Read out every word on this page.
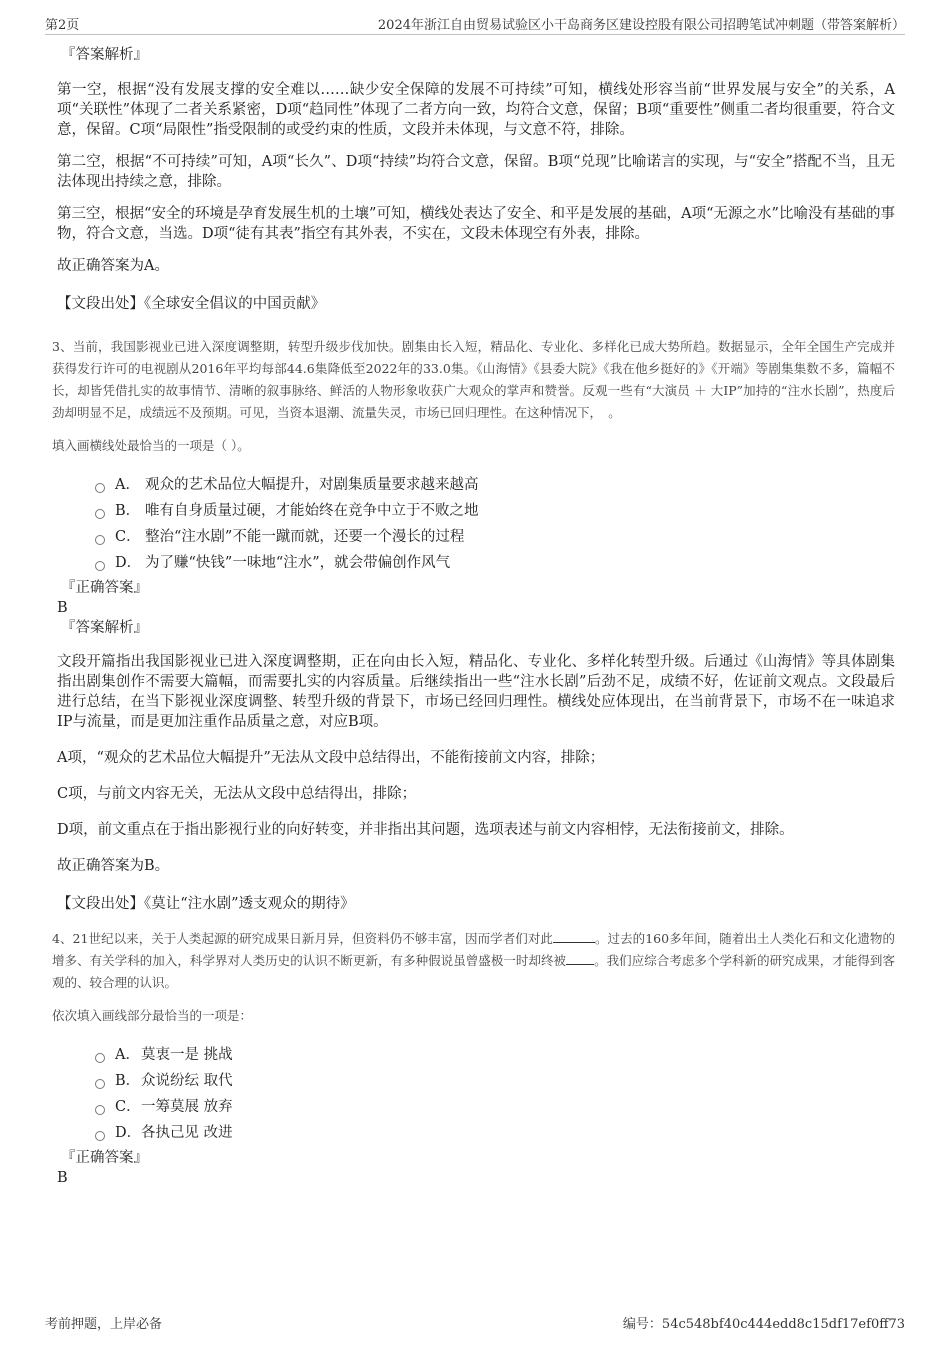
第2页	2024年浙江自由贸易试验区小干岛商务区建设控股有限公司招聘笔试冲刺题（带答案解析）
『答案解析』

第一空，根据“没有发展支撑的安全难以……缺少安全保障的发展不可持续”可知，横线处形容当前“世界发展与安全”的关系，A项“关联性”体现了二者关系紧密，D项“趋同性”体现了二者方向一致，均符合文意，保留；B项“重要性”侧重二者均很重要，符合文意，保留。C项“局限性”指受限制的或受约束的性质，文段并未体现，与文意不符，排除。

第二空，根据“不可持续”可知，A项“长久”、D项“持续”均符合文意，保留。B项“兑现”比喻诺言的实现，与“安全”搭配不当，且无法体现出持续之意，排除。

第三空，根据“安全的环境是孕育发展生机的土壤”可知，横线处表达了安全、和平是发展的基础，A项“无源之水”比喻没有基础的事物，符合文意，当选。D项“徒有其表”指空有其外表，不实在，文段未体现空有外表，排除。

故正确答案为A。

【文段出处】《全球安全倡议的中国贡献》

3、当前，我国影视业已进入深度调整期，转型升级步伐加快。剧集由长入短，精品化、专业化、多样化已成大势所趋。数据显示，全年全国生产完成并获得发行许可的电视剧从2016年平均每部44.6集降低至2022年的33.0集。《山海情》《县委大院》《我在他乡挺好的》《开端》等剧集集数不多，篇幅不长，却皆凭借扎实的故事情节、清晰的叙事脉络、鲜活的人物形象收获广大观众的掌声和赞誉。反观一些有“大演员 ＋ 大IP”加持的“注水长剧”，热度后劲却明显不足，成绩远不及预期。可见，当资本退潮、流量失灵，市场已回归理性。在这种情况下，　。

填入画横线处最恰当的一项是（ ）。

A． 观众的艺术品位大幅提升，对剧集质量要求越来越高
B． 唯有自身质量过硬，才能始终在竞争中立于不败之地
C． 整治“注水剧”不能一蹴而就，还要一个漫长的过程
D． 为了赚“快钱”一味地“注水”，就会带偏创作风气
『正确答案』
B
『答案解析』

文段开篇指出我国影视业已进入深度调整期，正在向由长入短，精品化、专业化、多样化转型升级。后通过《山海情》等具体剧集指出剧集创作不需要大篇幅，而需要扎实的内容质量。后继续指出一些“注水长剧”后劲不足，成绩不好，佐证前文观点。文段最后进行总结，在当下影视业深度调整、转型升级的背景下，市场已经回归理性。横线处应体现出，在当前背景下，市场不在一味追求IP与流量，而是更加注重作品质量之意，对应B项。

A项，“观众的艺术品位大幅提升”无法从文段中总结得出，不能衔接前文内容，排除；

C项，与前文内容无关，无法从文段中总结得出，排除；

D项，前文重点在于指出影视行业的向好转变，并非指出其问题，选项表述与前文内容相悖，无法衔接前文，排除。

故正确答案为B。

【文段出处】《莫让“注水剧”透支观众的期待》

4、21世纪以来，关于人类起源的研究成果日新月异，但资料仍不够丰富，因而学者们对此	。过去的160多年间，随着出土人类化石和文化遗物的增多、有关学科的加入，科学界对人类历史的认识不断更新，有多种假说虽曾盛极一时却终被 。我们应综合考虑多个学科新的研究成果，才能得到客观的、较合理的认识。

依次填入画线部分最恰当的一项是：

A． 莫衷一是 挑战
B． 众说纷纭 取代
C． 一筹莫展 放弃
D． 各执己见 改进
『正确答案』
B
考前押题，上岸必备	编号：54c548bf40c444edd8c15df17ef0ff73
